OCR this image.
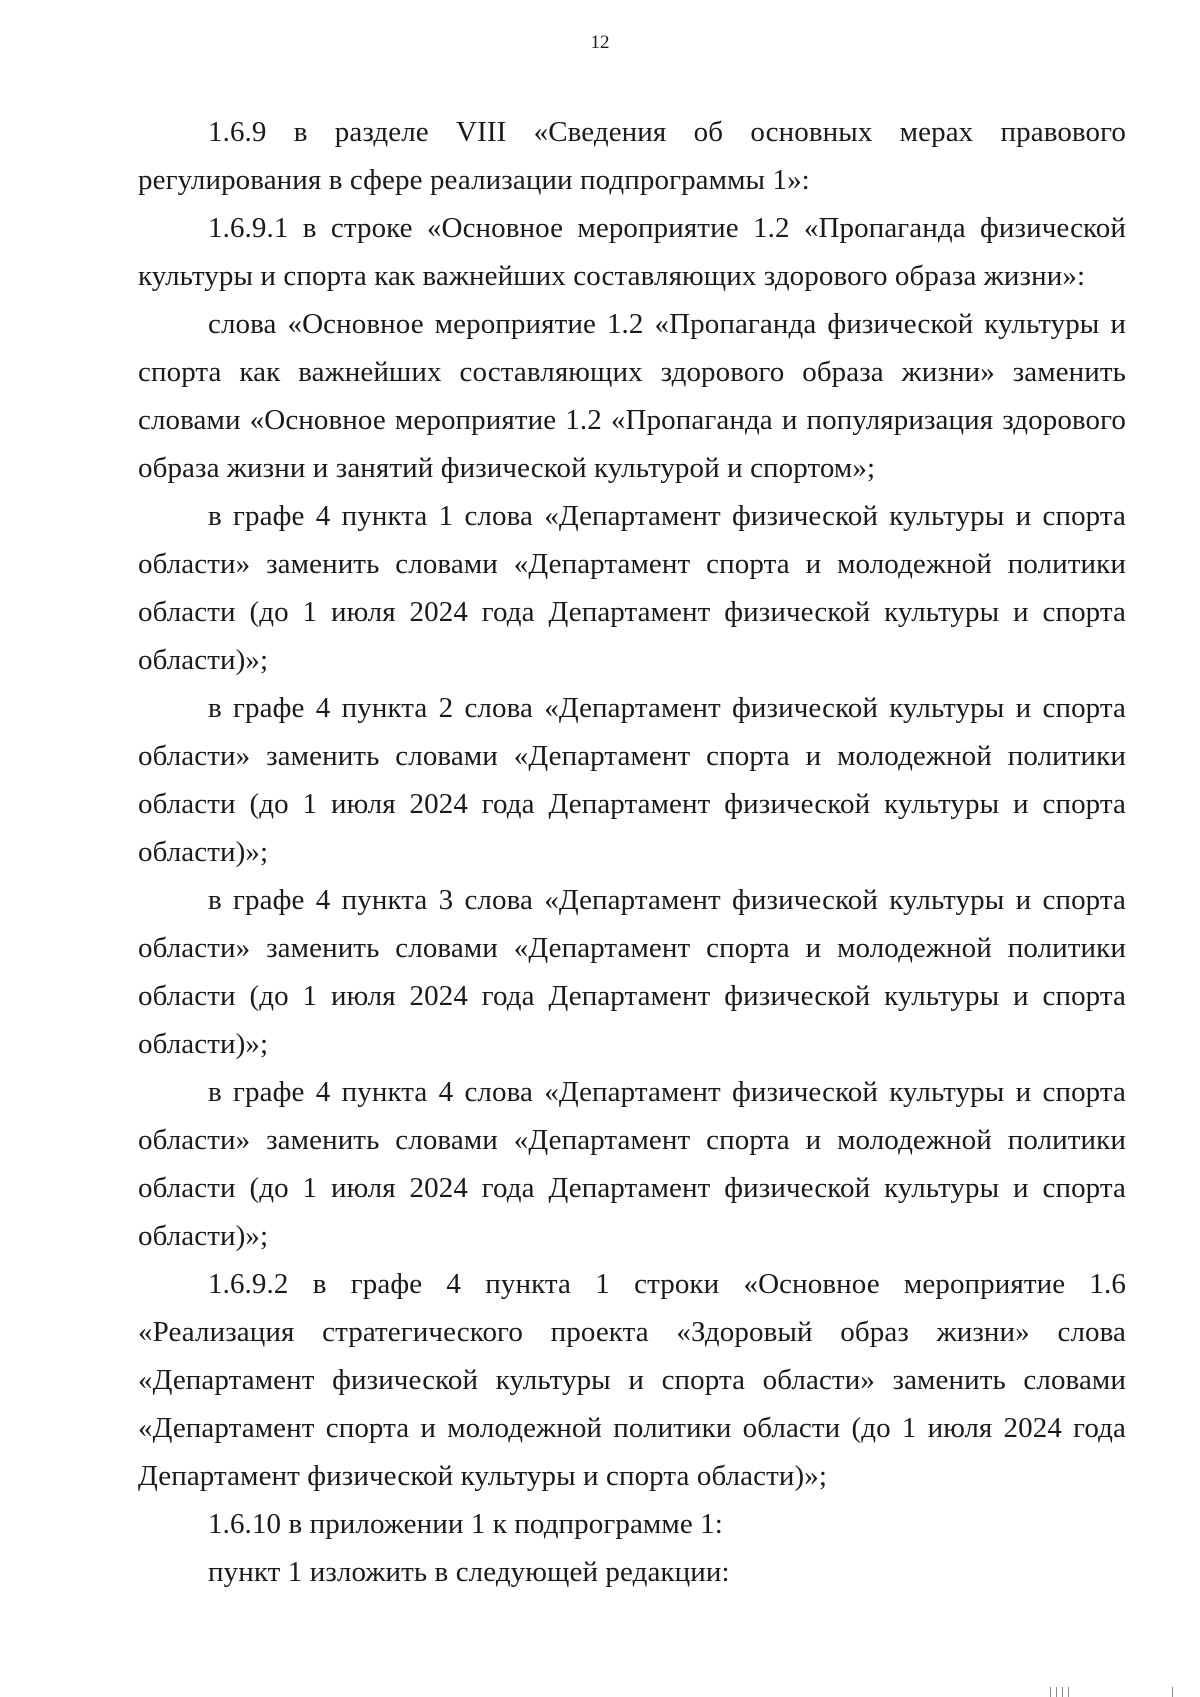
12

1.6.9 в разделе VIII «Сведения об основных мерах правового регулирования в сфере реализации подпрограммы 1»:

1.6.9.1 в строке «Основное мероприятие 1.2 «Пропаганда физической культуры и спорта как важнейших составляющих здорового образа жизни»:

слова «Основное мероприятие 1.2 «Пропаганда физической культуры и спорта как важнейших составляющих здорового образа жизни» заменить словами «Основное мероприятие 1.2 «Пропаганда и популяризация здорового образа жизни и занятий физической культурой и спортом»;

в графе 4 пункта 1 слова «Департамент физической культуры и спорта области» заменить словами «Департамент спорта и молодежной политики области (до 1 июля 2024 года Департамент физической культуры и спорта области)»;

в графе 4 пункта 2 слова «Департамент физической культуры и спорта области» заменить словами «Департамент спорта и молодежной политики области (до 1 июля 2024 года Департамент физической культуры и спорта области)»;

в графе 4 пункта 3 слова «Департамент физической культуры и спорта области» заменить словами «Департамент спорта и молодежной политики области (до 1 июля 2024 года Департамент физической культуры и спорта области)»;

в графе 4 пункта 4 слова «Департамент физической культуры и спорта области» заменить словами «Департамент спорта и молодежной политики области (до 1 июля 2024 года Департамент физической культуры и спорта области)»;

1.6.9.2 в графе 4 пункта 1 строки «Основное мероприятие 1.6 «Реализация стратегического проекта «Здоровый образ жизни» слова «Департамент физической культуры и спорта области» заменить словами «Департамент спорта и молодежной политики области (до 1 июля 2024 года Департамент физической культуры и спорта области)»;

1.6.10 в приложении 1 к подпрограмме 1:

пункт 1 изложить в следующей редакции:
